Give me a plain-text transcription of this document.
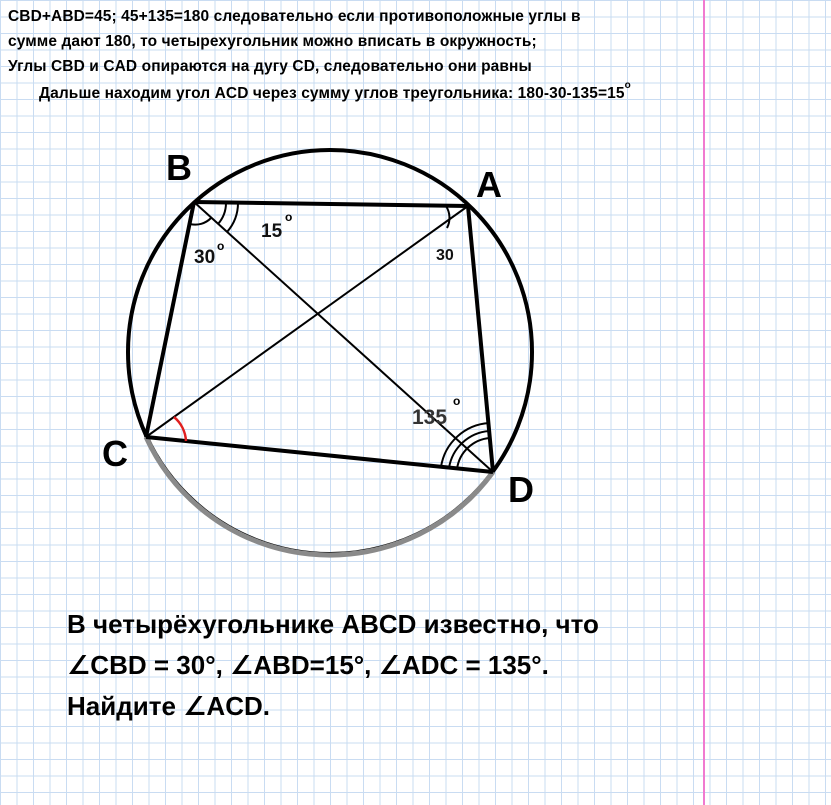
CBD+ABD=45; 45+135=180 следовательно если противоположные углы в
сумме дают 180, то четырехугольник можно вписать в окружность;
Углы CBD и CAD опираются на дугу CD, следовательно они равны
Дальше находим угол ACD через сумму углов треугольника: $180-30-135=15^о$
B	A
C
D
30
о
15
о
30
135
о
В четырёхугольнике ABCD известно, что
∠CBD = 30°, ∠ABD=15°, ∠ADC = 135°.
Найдите ∠ACD.
